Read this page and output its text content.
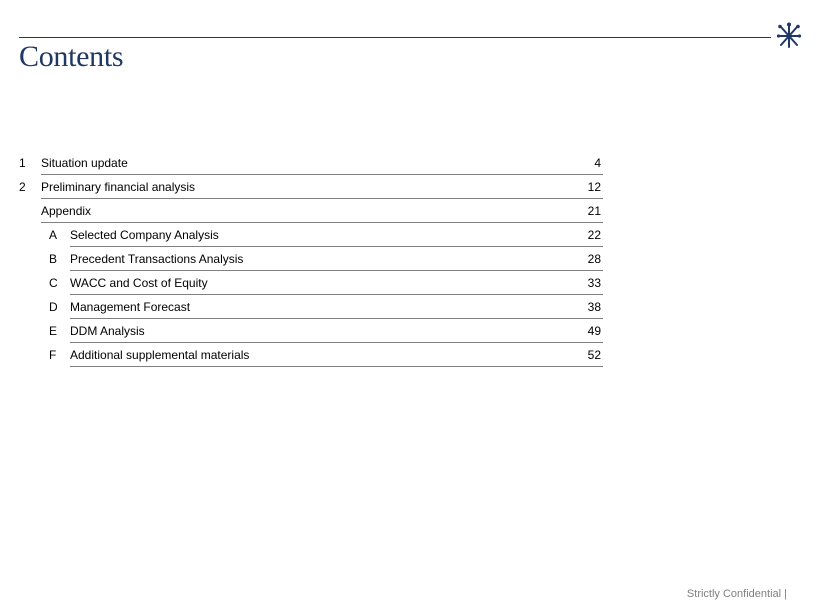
Contents
1	Situation update	4
2	Preliminary financial analysis	12
Appendix	21
A Selected Company Analysis	22
B Precedent Transactions Analysis	28
C WACC and Cost of Equity	33
D Management Forecast	38
E DDM Analysis	49
F Additional supplemental materials	52
Strictly Confidential |
